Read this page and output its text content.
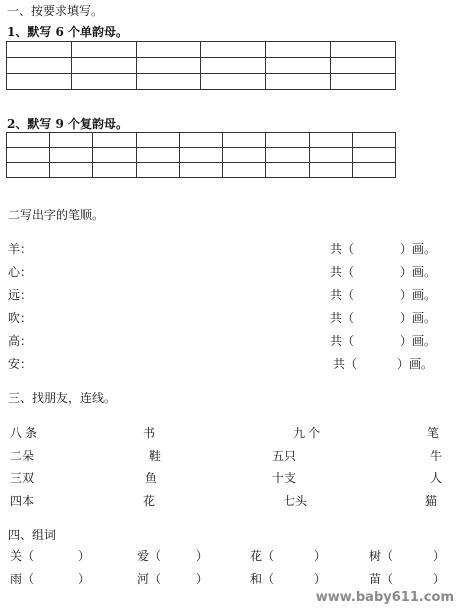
一、按要求填写。
1、默写 6 个单韵母。

2、默写 9 个复韵母。

二写出字的笔顺。
羊：	共（	）画。
心：	共（	）画。
远：	共（	）画。
吹：	共（	）画。
高：	共（	）画。
安：	共（	）画。
三、找朋友，连线。
八条	书	九个	笔
二朵	鞋	五只	牛
三双	鱼	十支	人
四本	花	七头	猫
四、组词
关 （	）	爱 （	）	花 （	）	树 （	）
雨 （	）	河 （	）	和 （	）	苗 （	）
www.baby611.com
